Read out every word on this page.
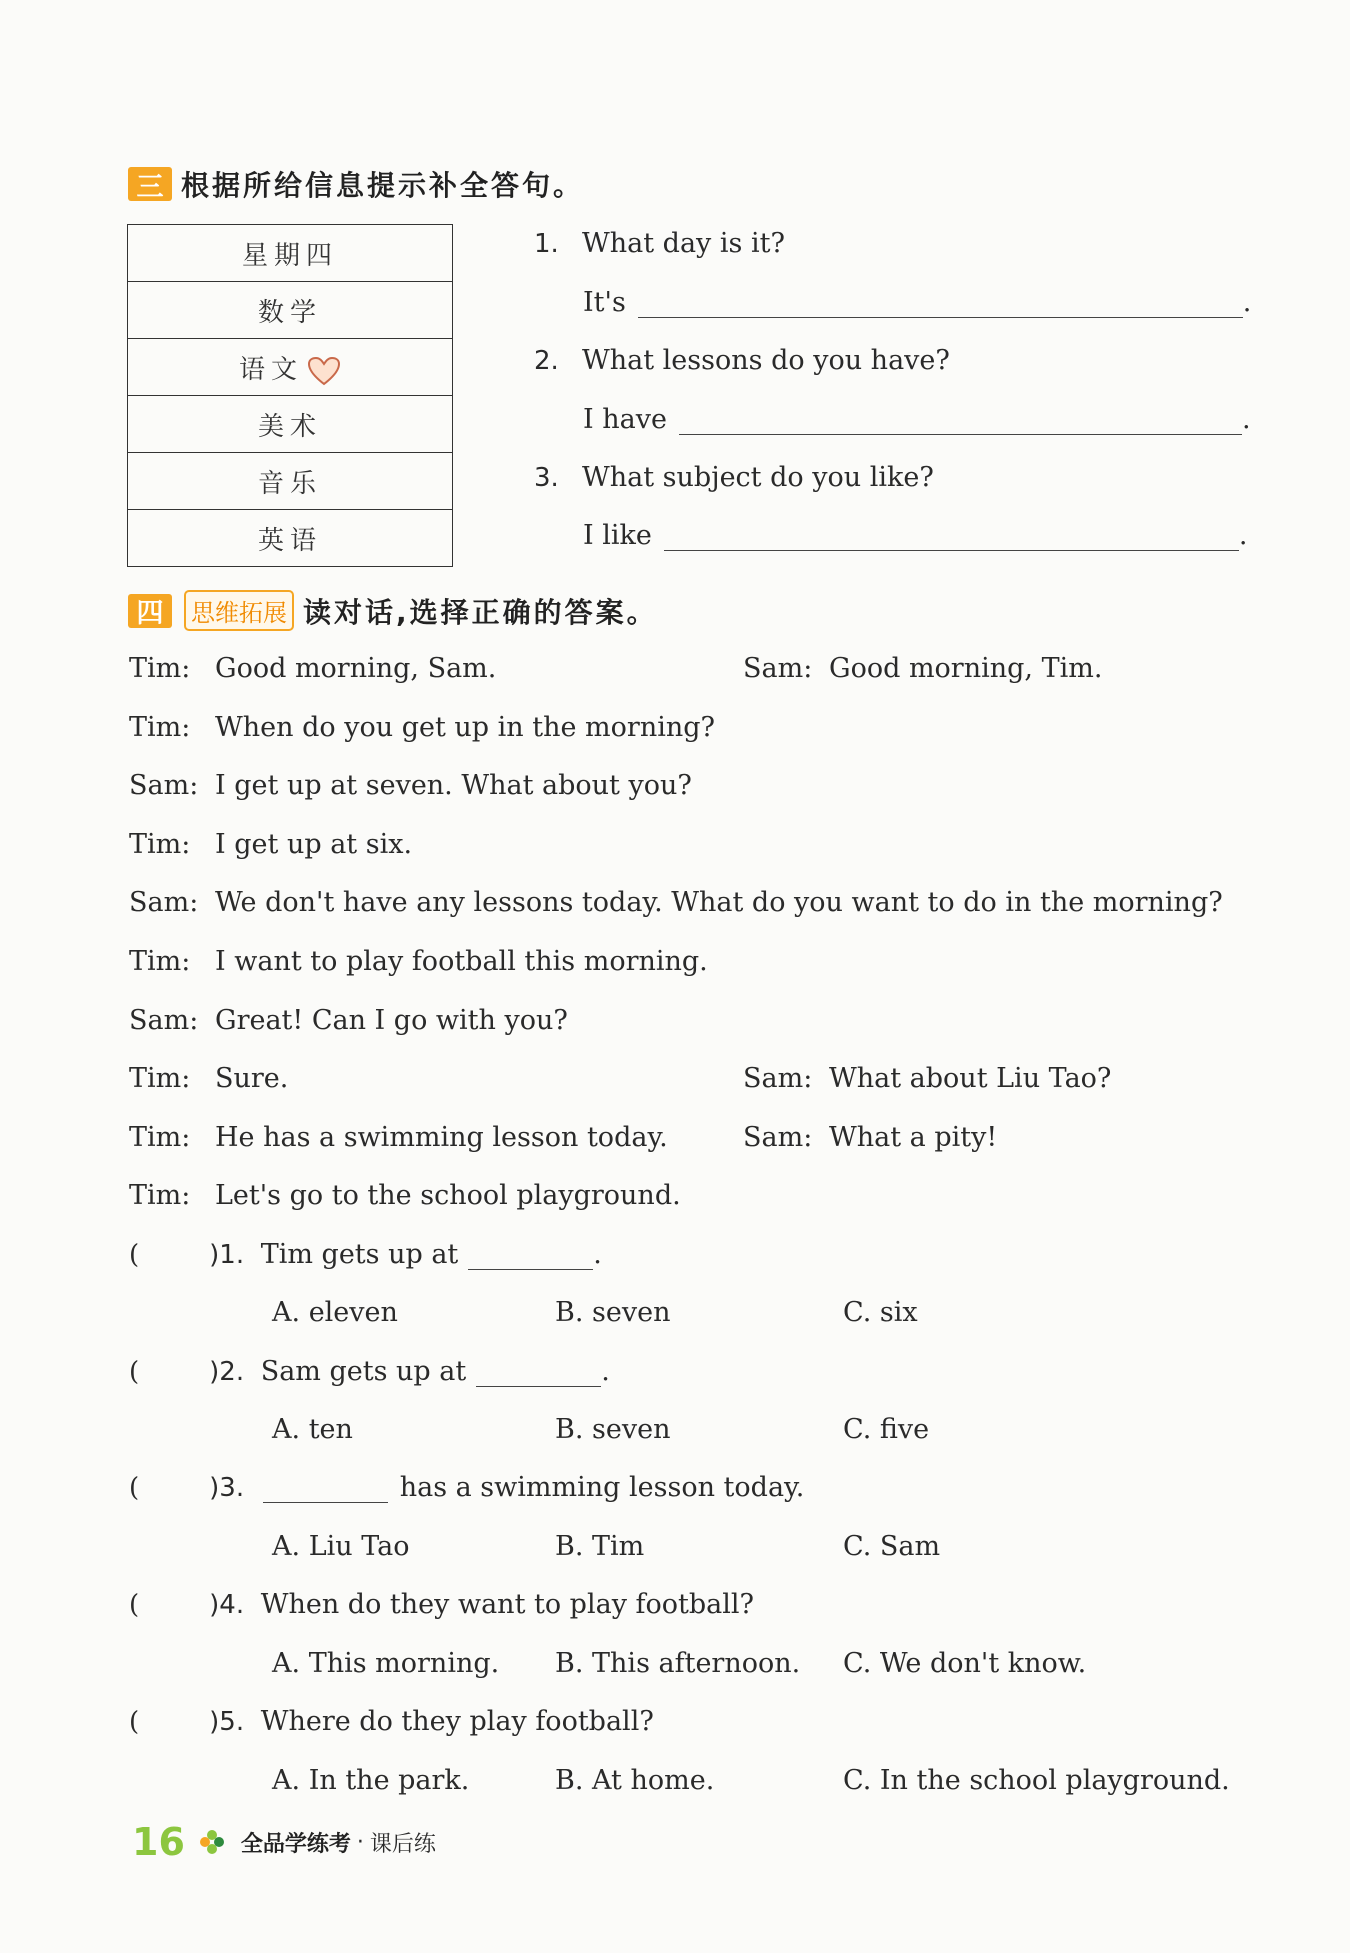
三 根据所给信息提示补全答句。
星期四
数学
语文
美术
音乐
英语
1. What day is it?
It's	.
2. What lessons do you have?
I have	.
3. What subject do you like?
I like	.
四	思维拓展 读对话,选择正确的答案。
Tim: Good morning, Sam.	Sam: Good morning, Tim.
Tim: When do you get up in the morning?
Sam: I get up at seven. What about you?
Tim: I get up at six.
Sam: We don't have any lessons today. What do you want to do in the morning?
Tim: I want to play football this morning.
Sam: Great! Can I go with you?
Tim: Sure.	Sam: What about Liu Tao?
Tim: He has a swimming lesson today.	Sam: What a pity!
Tim: Let's go to the school playground.
(	)1. Tim gets up at	.
A. eleven	B. seven	C. six
(	)2. Sam gets up at	.
A. ten	B. seven	C. five
(	)3.	has a swimming lesson today.
A. Liu Tao	B. Tim	C. Sam
(	)4. When do they want to play football?
A. This morning. B. This afternoon. C. We don't know.
(	)5. Where do they play football?
A. In the park.	B. At home.	C. In the school playground.
16	全品学练考 · 课后练
